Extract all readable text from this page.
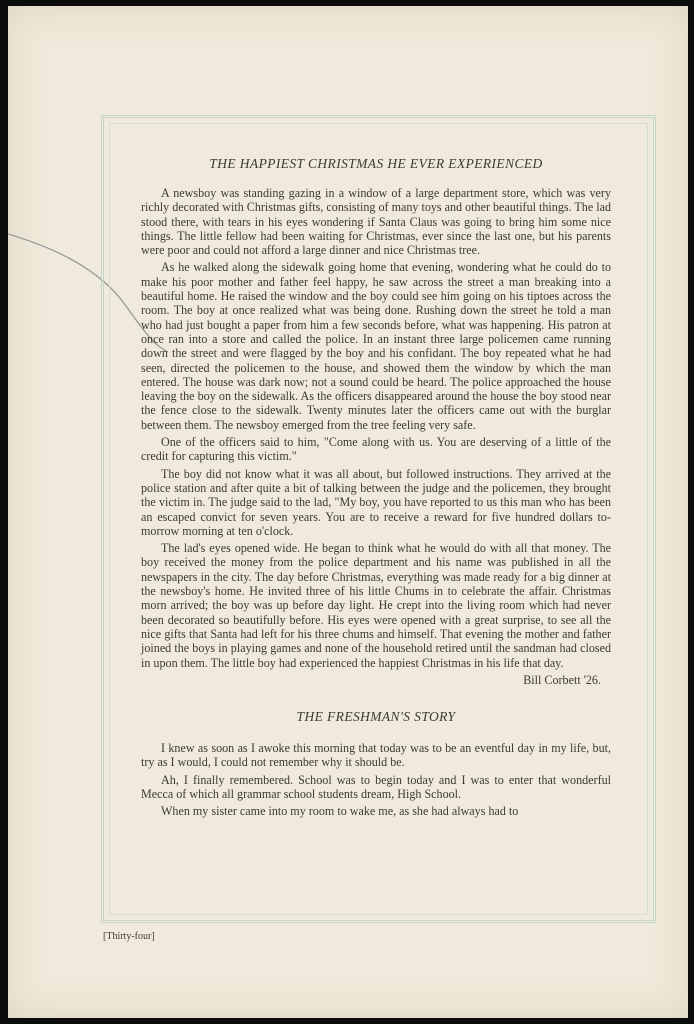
THE HAPPIEST CHRISTMAS HE EVER EXPERIENCED

A newsboy was standing gazing in a window of a large department store, which was very richly decorated with Christmas gifts, consisting of many toys and other beautiful things. The lad stood there, with tears in his eyes wondering if Santa Claus was going to bring him some nice things. The little fellow had been waiting for Christmas, ever since the last one, but his parents were poor and could not afford a large dinner and nice Christmas tree.

As he walked along the sidewalk going home that evening, wondering what he could do to make his poor mother and father feel happy, he saw across the street a man breaking into a beautiful home. He raised the window and the boy could see him going on his tiptoes across the room. The boy at once realized what was being done. Rushing down the street he told a man who had just bought a paper from him a few seconds before, what was happening. His patron at once ran into a store and called the police. In an instant three large policemen came running down the street and were flagged by the boy and his confidant. The boy repeated what he had seen, directed the policemen to the house, and showed them the window by which the man entered. The house was dark now; not a sound could be heard. The police approached the house leaving the boy on the sidewalk. As the officers disappeared around the house the boy stood near the fence close to the sidewalk. Twenty minutes later the officers came out with the burglar between them. The newsboy emerged from the tree feeling very safe.

One of the officers said to him, "Come along with us. You are deserving of a little of the credit for capturing this victim."

The boy did not know what it was all about, but followed instructions. They arrived at the police station and after quite a bit of talking between the judge and the policemen, they brought the victim in. The judge said to the lad, "My boy, you have reported to us this man who has been an escaped convict for seven years. You are to receive a reward for five hundred dollars to-morrow morning at ten o'clock.

The lad's eyes opened wide. He began to think what he would do with all that money. The boy received the money from the police department and his name was published in all the newspapers in the city. The day before Christmas, everything was made ready for a big dinner at the newsboy's home. He invited three of his little Chums in to celebrate the affair. Christmas morn arrived; the boy was up before day light. He crept into the living room which had never been decorated so beautifully before. His eyes were opened with a great surprise, to see all the nice gifts that Santa had left for his three chums and himself. That evening the mother and father joined the boys in playing games and none of the household retired until the sandman had closed in upon them. The little boy had experienced the happiest Christmas in his life that day.

Bill Corbett '26.
THE FRESHMAN'S STORY

I knew as soon as I awoke this morning that today was to be an eventful day in my life, but, try as I would, I could not remember why it should be.

Ah, I finally remembered. School was to begin today and I was to enter that wonderful Mecca of which all grammar school students dream, High School.

When my sister came into my room to wake me, as she had always had to

[Thirty-four]
